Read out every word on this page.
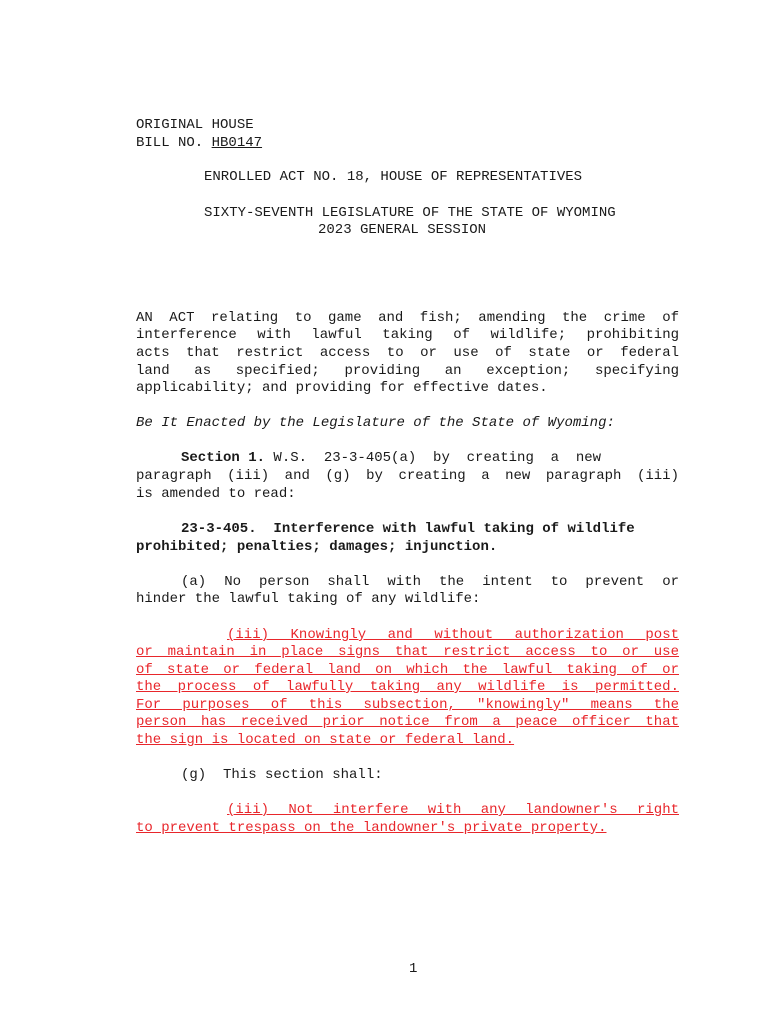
ORIGINAL HOUSE
BILL NO. HB0147
ENROLLED ACT NO. 18, HOUSE OF REPRESENTATIVES
SIXTY-SEVENTH LEGISLATURE OF THE STATE OF WYOMING
2023 GENERAL SESSION
AN ACT relating to game and fish; amending the crime of
interference with lawful taking of wildlife; prohibiting
acts that restrict access to or use of state or federal
land as specified; providing an exception; specifying
applicability; and providing for effective dates.
Be It Enacted by the Legislature of the State of Wyoming:
Section 1. W.S.  23-3-405(a)  by  creating  a  new
paragraph (iii) and (g) by creating a new paragraph (iii)
is amended to read:
23-3-405.  Interference with lawful taking of wildlife
prohibited; penalties; damages; injunction.
(a) No person shall with the intent to prevent or
hinder the lawful taking of any wildlife:
(iii) Knowingly and without authorization post
or maintain in place signs that restrict access to or use
of state or federal land on which the lawful taking of or
the process of lawfully taking any wildlife is permitted.
For purposes of this subsection, "knowingly" means the
person has received prior notice from a peace officer that
the sign is located on state or federal land.
(g)  This section shall:
(iii) Not interfere with any landowner's right
to prevent trespass on the landowner's private property.
1
